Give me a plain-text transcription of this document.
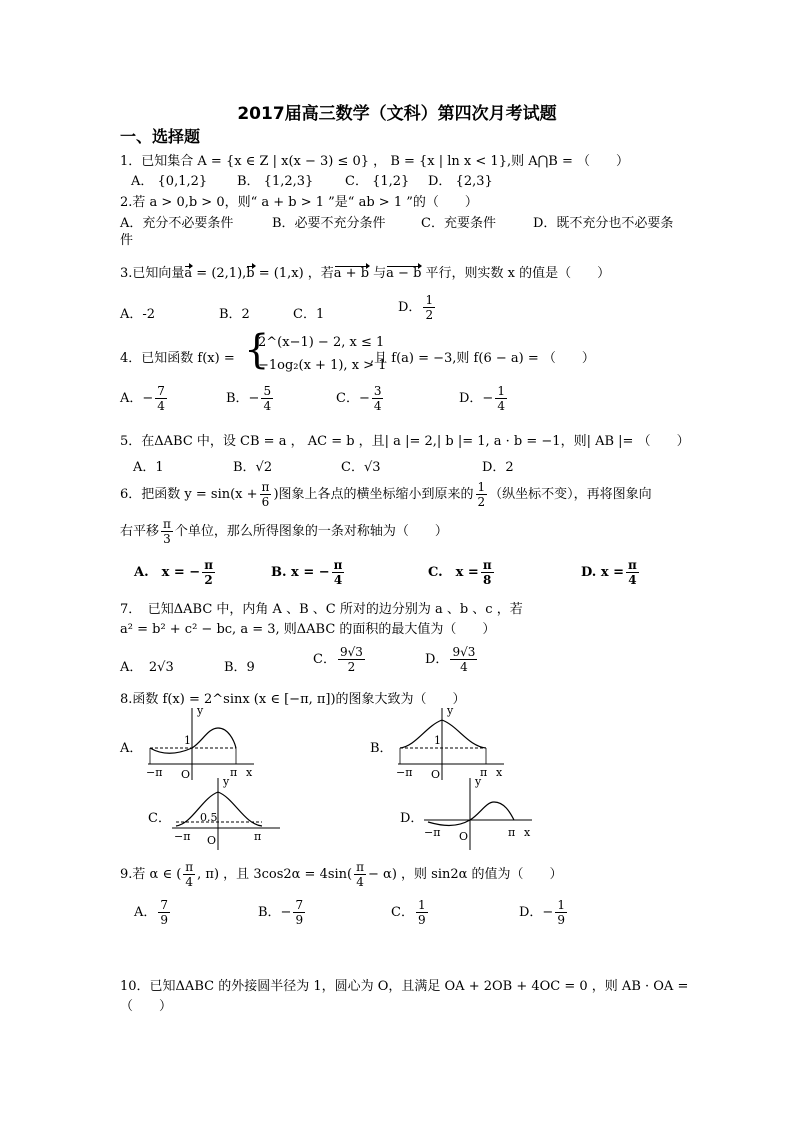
2017届高三数学（文科）第四次月考试题
一、选择题
1．已知集合 A = {x ∈ Z | x(x − 3) ≤ 0} ， B = {x | ln x < 1},则 A⋂B = （　　）
A． {0,1,2} B． {1,2,3} C． {1,2} D． {2,3}
2.若 a > 0,b > 0，则“ a + b > 1 ”是“ ab > 1 ”的（　　）
A．充分不必要条件	B．必要不充分条件	C．充要条件	D．既不充分也不必要条
件
3.已知向量a = (2,1),b = (1,x) ，若a + b 与a − b 平行，则实数 x 的值是（　　）
A．-2	B．2	C．1	D． $\frac{1}{2}$
4．已知函数 f(x) = {
2^(x−1) − 2, x ≤ 1
−1og₂(x + 1), x > 1
,且 f(a) = −3,则 f(6 − a) = （　　）
A．− $\frac{7}{4}$	B．− $\frac{5}{4}$	C．− $\frac{3}{4}$	D．− $\frac{1}{4}$
5．在ΔABC 中，设 CB = a ， AC = b ，且| a |= 2,| b |= 1, a · b = −1，则| AB |= （　　）
A．1	B．√2	C．√3	D．2
6．把函数 $y = \sin(x + \frac{\pi}{6}$ )图象上各点的横坐标缩小到原来的 $\frac{1}{2}$ （纵坐标不变），再将图象向
右平移 $\frac{\pi}{3}$ 个单位，那么所得图象的一条对称轴为（　　）
A.　x = − $\frac{\pi}{2}$	B. x = − $\frac{\pi}{4}$	C.　$x = \frac{\pi}{8}$	D. $x = \frac{\pi}{4}$
7．　已知ΔABC 中，内角 A 、B 、C 所对的边分别为 a 、b 、c ，若
a² = b² + c² − bc, a = 3, 则ΔABC 的面积的最大值为（　　）
A．　2√3	B．9
C． $\frac{9√3}{2}$	D． $\frac{9√3}{4}$
8.函数 f(x) = 2^sinx (x ∈ [−π, π])的图象大致为（　　）
A．
y
x
−π	π
O
1
B．
y
x
−π	π
O
1
C．
y
−π	π
O
0.5	D．
y
x
−π	π
O
9.若 α ∈ ( $\frac{\pi}{4}$ , π) ，且 $3\cos 2\alpha = 4\sin( \frac{\pi}{4} - \alpha)$ ，则 sin2α 的值为（　　）
A． $\frac{7}{9}$	B．− $\frac{7}{9}$	C． $\frac{1}{9}$	D．− $\frac{1}{9}$
10．已知ΔABC 的外接圆半径为 1，圆心为 O，且满足 OA + 2OB + 4OC = 0 ，则 AB · OA =
（　　）
